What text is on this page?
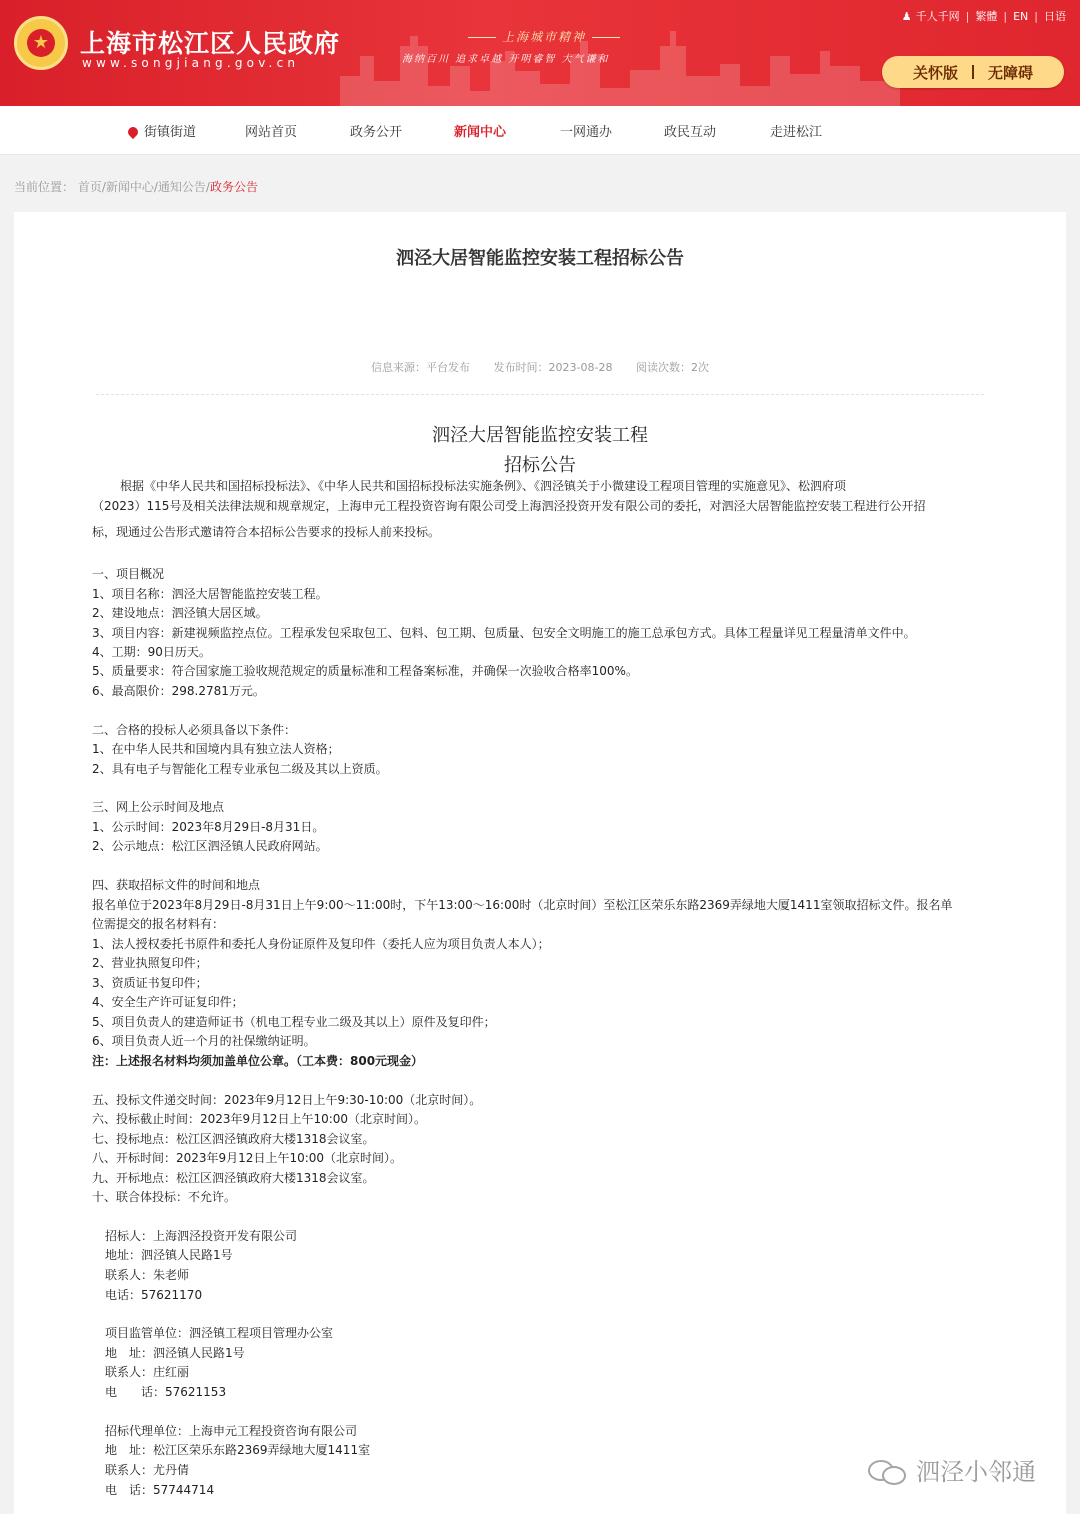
★ 上海市松江区人民政府
www.songjiang.gov.cn
上海城市精神
海纳百川 追求卓越 开明睿智 大气谦和
♟ 千人千网 | 繁體 | EN | 日语
关怀版 无障碍
街镇街道	网站首页	政务公开	新闻中心	一网通办	政民互动	走进松江
当前位置： 首页/新闻中心/通知公告/政务公告
泗泾大居智能监控安装工程招标公告
信息来源：平台发布 发布时间：2023-08-28 阅读次数：2次
泗泾大居智能监控安装工程
招标公告
根据《中华人民共和国招标投标法》、《中华人民共和国招标投标法实施条例》、《泗泾镇关于小微建设工程项目管理的实施意见》、松泗府项
（2023）115号及相关法律法规和规章规定，上海申元工程投资咨询有限公司受上海泗泾投资开发有限公司的委托，对泗泾大居智能监控安装工程进行公开招
标，现通过公告形式邀请符合本招标公告要求的投标人前来投标。
一、项目概况
1、项目名称：泗泾大居智能监控安装工程。
2、建设地点：泗泾镇大居区域。
3、项目内容：新建视频监控点位。工程承发包采取包工、包料、包工期、包质量、包安全文明施工的施工总承包方式。具体工程量详见工程量清单文件中。
4、工期：90日历天。
5、质量要求：符合国家施工验收规范规定的质量标准和工程备案标准，并确保一次验收合格率100%。
6、最高限价：298.2781万元。
二、合格的投标人必须具备以下条件：
1、在中华人民共和国境内具有独立法人资格；
2、具有电子与智能化工程专业承包二级及其以上资质。
三、网上公示时间及地点
1、公示时间：2023年8月29日-8月31日。
2、公示地点：松江区泗泾镇人民政府网站。
四、获取招标文件的时间和地点
报名单位于2023年8月29日-8月31日上午9:00～11:00时，下午13:00～16:00时（北京时间）至松江区荣乐东路2369弄绿地大厦1411室领取招标文件。报名单
位需提交的报名材料有：
1、法人授权委托书原件和委托人身份证原件及复印件（委托人应为项目负责人本人）；
2、营业执照复印件；
3、资质证书复印件；
4、安全生产许可证复印件；
5、项目负责人的建造师证书（机电工程专业二级及其以上）原件及复印件；
6、项目负责人近一个月的社保缴纳证明。
注：上述报名材料均须加盖单位公章。（工本费：800元现金）
五、投标文件递交时间：2023年9月12日上午9:30-10:00（北京时间）。
六、投标截止时间：2023年9月12日上午10:00（北京时间）。
七、投标地点：松江区泗泾镇政府大楼1318会议室。
八、开标时间：2023年9月12日上午10:00（北京时间）。
九、开标地点：松江区泗泾镇政府大楼1318会议室。
十、联合体投标：不允许。
招标人：上海泗泾投资开发有限公司
地址：泗泾镇人民路1号
联系人：朱老师
电话：57621170
项目监管单位：泗泾镇工程项目管理办公室
地　址：泗泾镇人民路1号
联系人：庄红丽
电　　话：57621153
招标代理单位：上海申元工程投资咨询有限公司
地　址：松江区荣乐东路2369弄绿地大厦1411室
联系人：尤丹倩
电　话：57744714
泗泾小邻通
